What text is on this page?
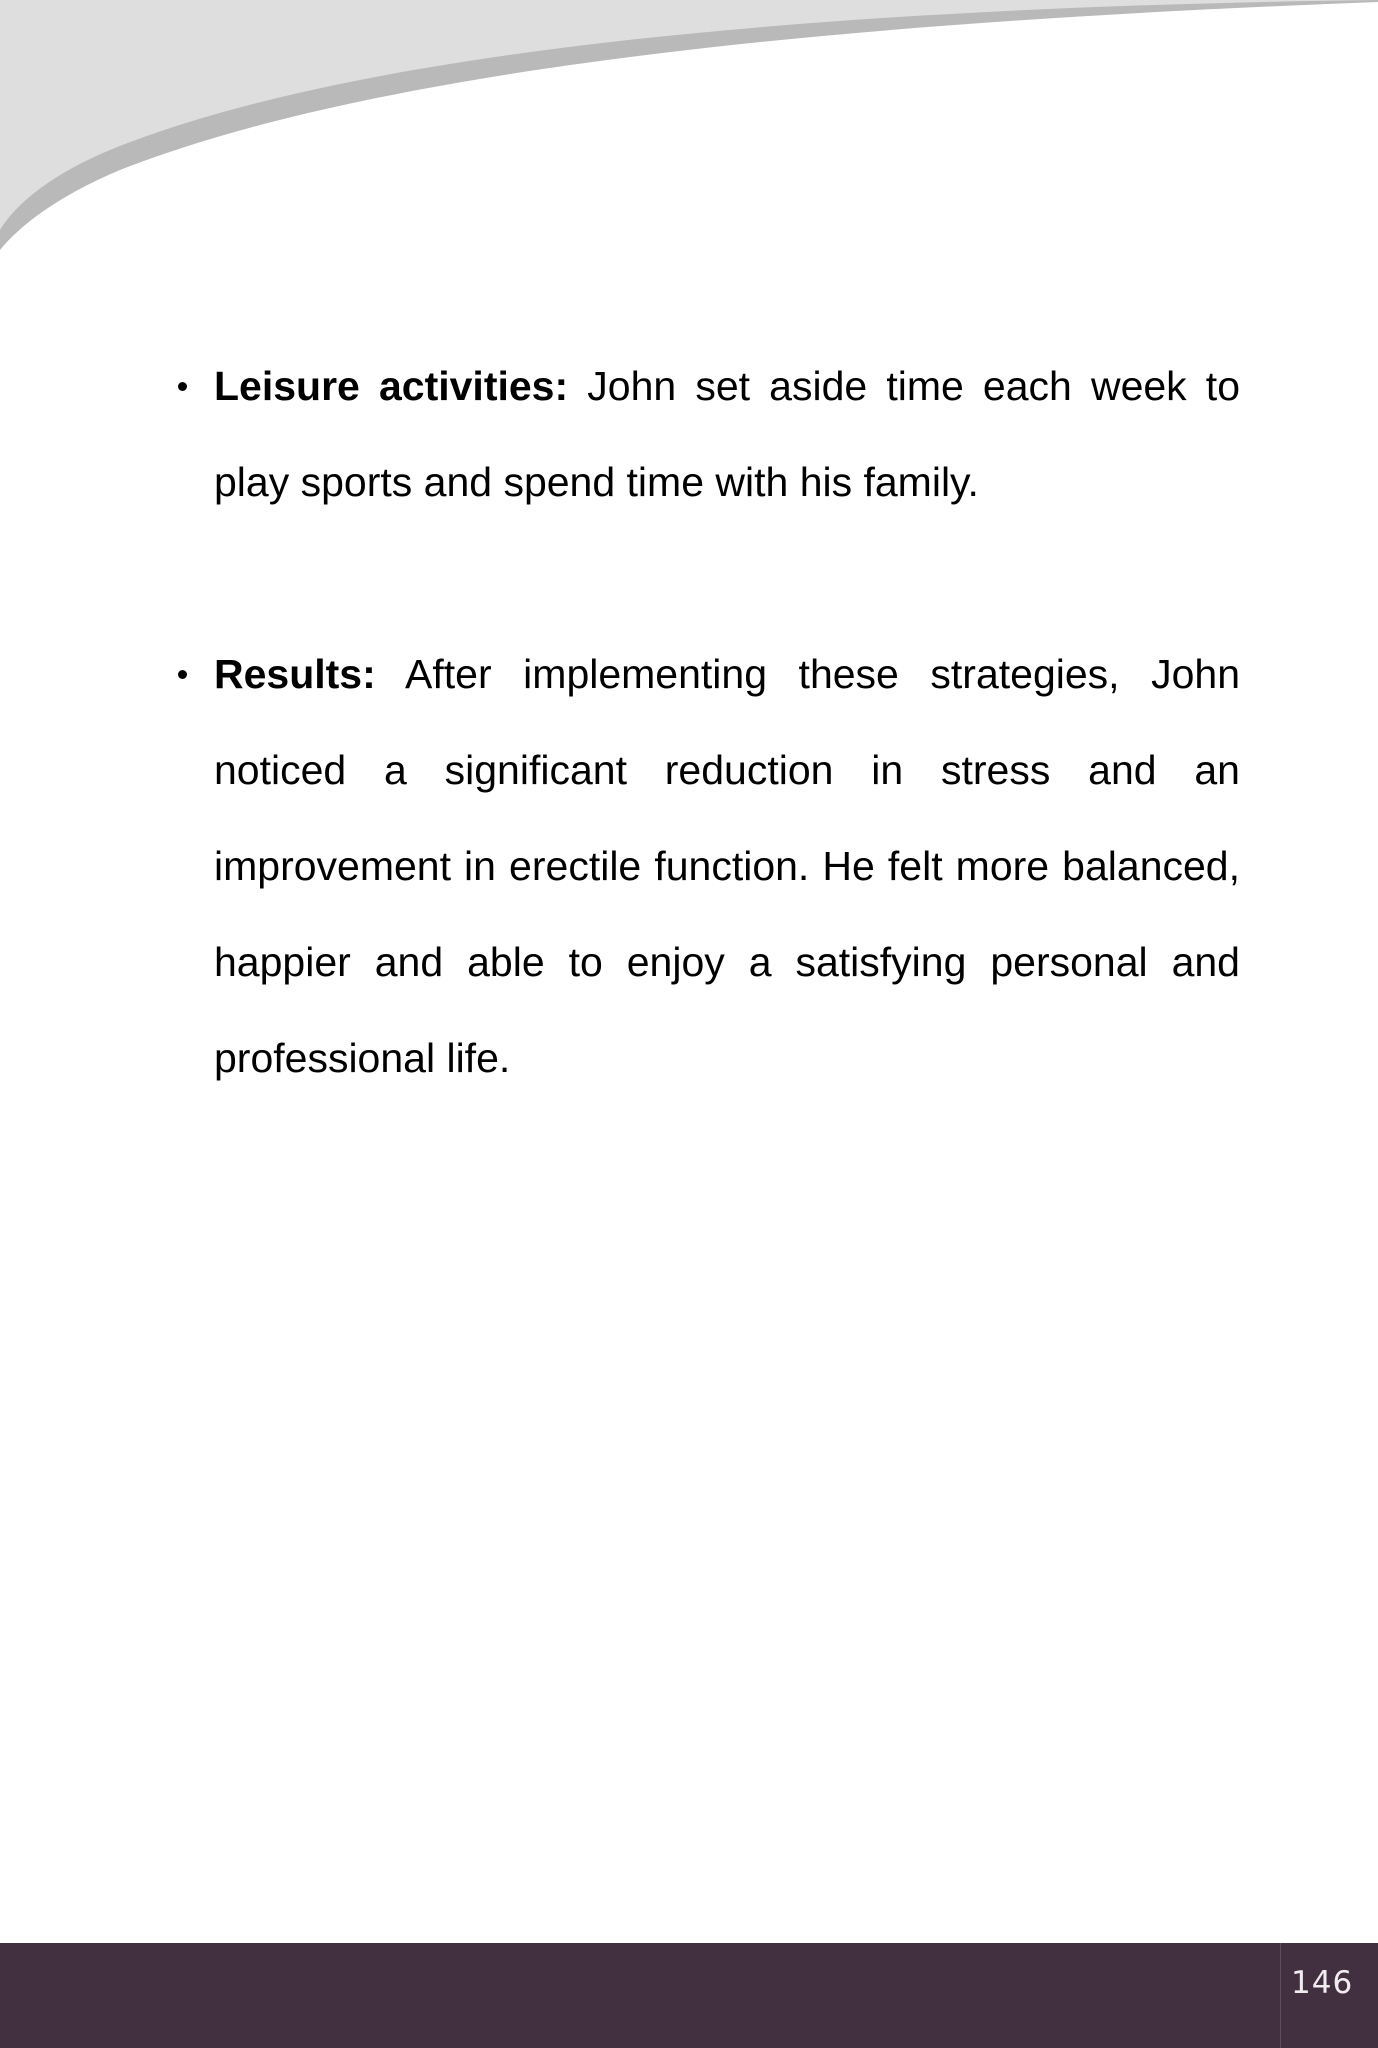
Leisure activities: John set aside time each week to play sports and spend time with his family.

Results: After implementing these strategies, John noticed a significant reduction in stress and an improvement in erectile function. He felt more balanced, happier and able to enjoy a satisfying personal and professional life.

146
